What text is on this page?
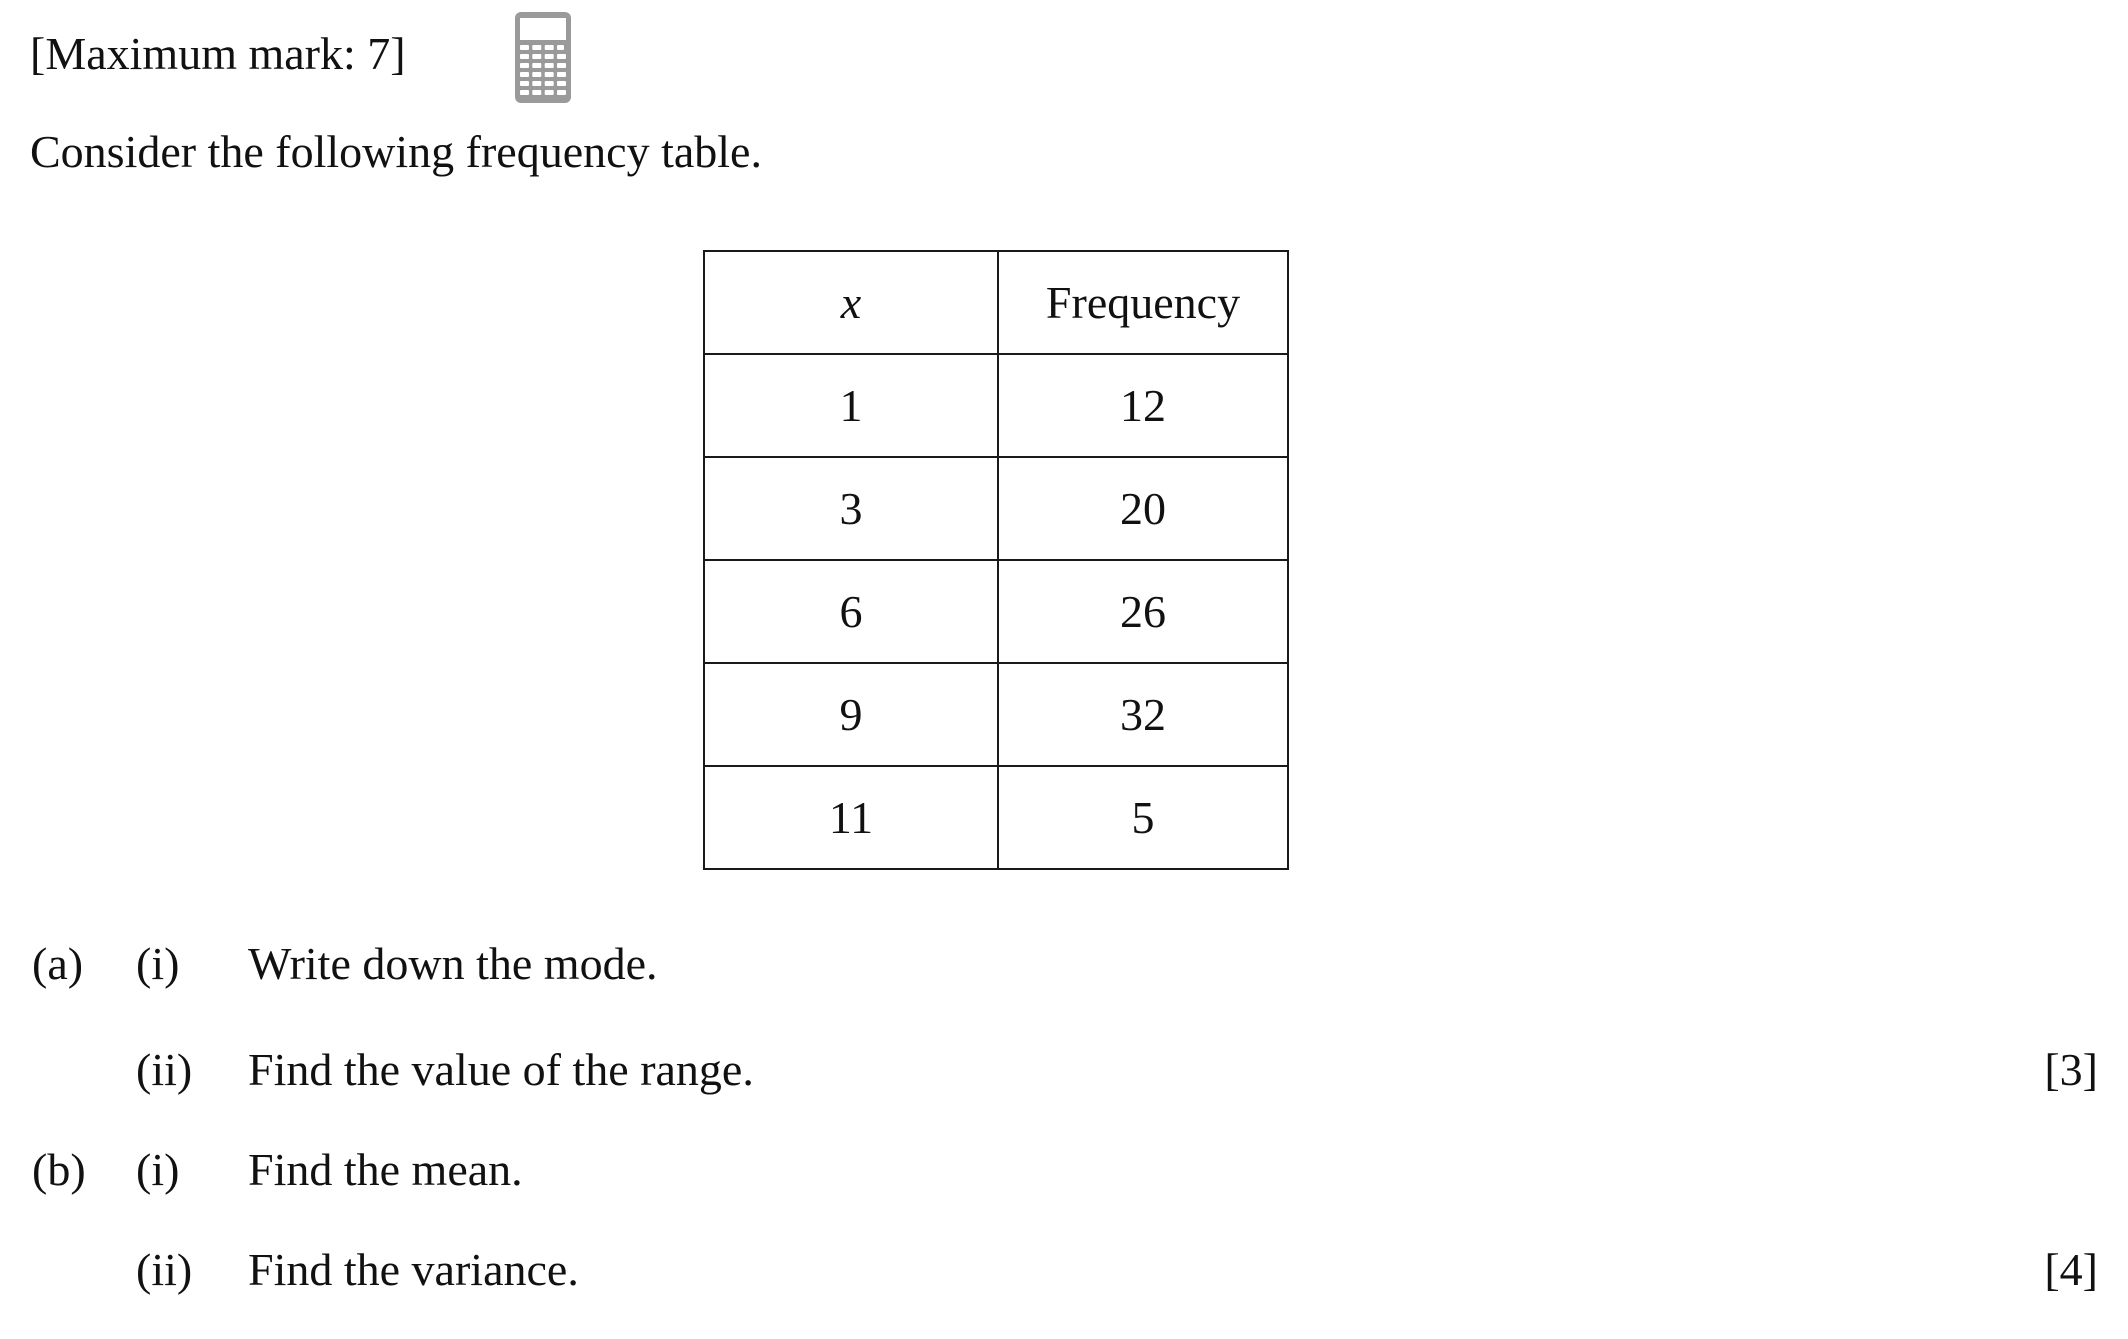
[Maximum mark: 7]
Consider the following frequency table.
x	Frequency
1	12
3	20
6	26
9	32
11	5
(a) (i) Write down the mode.
(ii) Find the value of the range.	[3]
(b) (i) Find the mean.
(ii) Find the variance.	[4]
